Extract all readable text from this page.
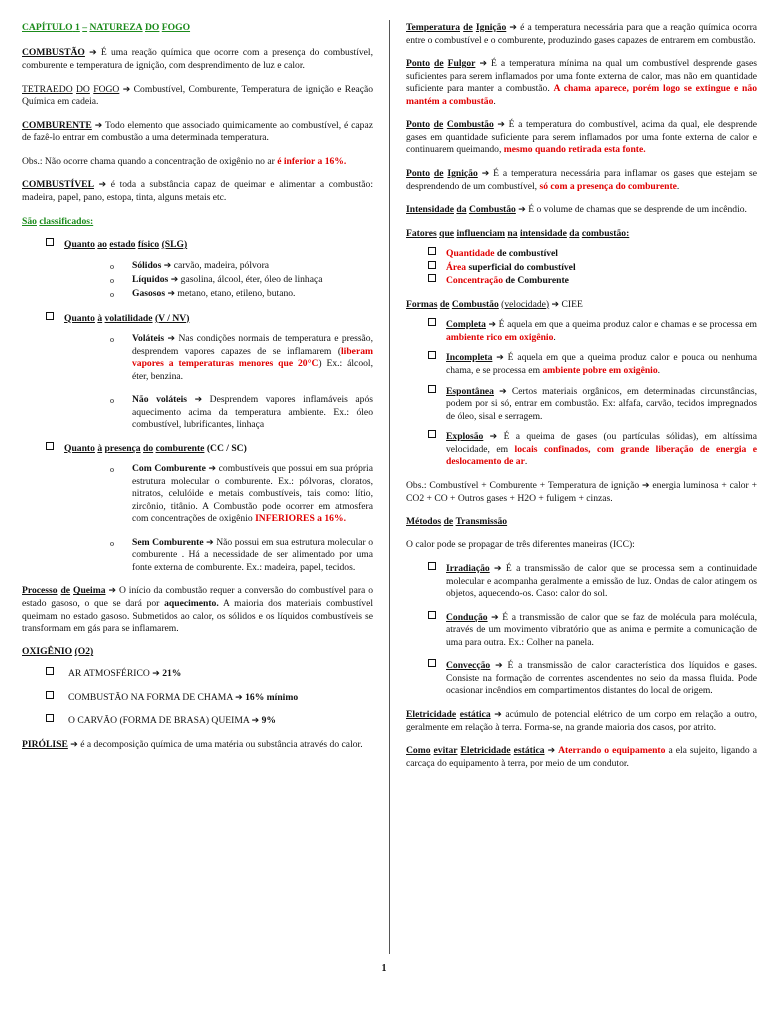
CAPÍTULO 1 – NATUREZA DO FOGO

COMBUSTÃO ➔ É uma reação química que ocorre com a presença do combustível, comburente e temperatura de ignição, com desprendimento de luz e calor.

TETRAEDO DO FOGO ➔ Combustível, Comburente, Temperatura de ignição e Reação Química em cadeia.

COMBURENTE ➔ Todo elemento que associado quimicamente ao combustível, é capaz de fazê-lo entrar em combustão a uma determinada temperatura.

Obs.: Não ocorre chama quando a concentração de oxigênio no ar é inferior a 16%.

COMBUSTÍVEL ➔ é toda a substância capaz de queimar e alimentar a combustão: madeira, papel, pano, estopa, tinta, alguns metais etc.

São classificados:

Quanto ao estado físico (SLG)
o	Sólidos ➔ carvão, madeira, pólvora
o	Líquidos ➔ gasolina, álcool, éter, óleo de linhaça
o	Gasosos ➔ metano, etano, etileno, butano.
Quanto à volatilidade (V / NV)
o	Voláteis ➔ Nas condições normais de temperatura e pressão, desprendem vapores capazes de se inflamarem (liberam vapores a temperaturas menores que 20°C) Ex.: álcool, éter, benzina.
o	Não voláteis ➔ Desprendem vapores inflamáveis após aquecimento acima da temperatura ambiente. Ex.: óleo combustível, lubrificantes, linhaça
Quanto à presença do comburente (CC / SC)
o	Com Comburente ➔ combustíveis que possui em sua própria estrutura molecular o comburente. Ex.: pólvoras, cloratos, nitratos, celulóide e metais combustíveis, tais como: lítio, zircônio, titânio. A Combustão pode ocorrer em atmosfera com concentrações de oxigênio INFERIORES a 16%.
o	Sem Comburente ➔ Não possui em sua estrutura molecular o comburente . Há a necessidade de ser alimentado por uma fonte externa de comburente. Ex.: madeira, papel, tecidos.

Processo de Queima ➔ O início da combustão requer a conversão do combustível para o estado gasoso, o que se dará por aquecimento. A maioria dos materiais combustível queimam no estado gasoso. Submetidos ao calor, os sólidos e os líquidos combustíveis se transformam em gás para se inflamarem.

OXIGÊNIO (O2)

AR ATMOSFÉRICO ➔ 21%
COMBUSTÃO NA FORMA DE CHAMA ➔ 16% mínimo
O CARVÃO (FORMA DE BRASA) QUEIMA ➔ 9%

PIRÓLISE ➔ é a decomposição química de uma matéria ou substância através do calor.

Temperatura de Ignição ➔ é a temperatura necessária para que a reação química ocorra entre o combustível e o comburente, produzindo gases capazes de entrarem em combustão.

Ponto de Fulgor ➔ É a temperatura mínima na qual um combustível desprende gases suficientes para serem inflamados por uma fonte externa de calor, mas não em quantidade suficiente para manter a combustão. A chama aparece, porém logo se extingue e não mantém a combustão.

Ponto de Combustão ➔ É a temperatura do combustível, acima da qual, ele desprende gases em quantidade suficiente para serem inflamados por uma fonte externa de calor e continuarem queimando, mesmo quando retirada esta fonte.

Ponto de Ignição ➔ É a temperatura necessária para inflamar os gases que estejam se desprendendo de um combustível, só com a presença do comburente.

Intensidade da Combustão ➔ É o volume de chamas que se desprende de um incêndio.

Fatores que influenciam na intensidade da combustão:

Quantidade de combustível
Área superficial do combustível
Concentração de Comburente

Formas de Combustão (velocidade) ➔ CIEE

Completa ➔ É aquela em que a queima produz calor e chamas e se processa em ambiente rico em oxigênio.
Incompleta ➔ É aquela em que a queima produz calor e pouca ou nenhuma chama, e se processa em ambiente pobre em oxigênio.
Espontânea ➔ Certos materiais orgânicos, em determinadas circunstâncias, podem por si só, entrar em combustão. Ex: alfafa, carvão, tecidos impregnados de óleo, sisal e serragem.
Explosão ➔ É a queima de gases (ou partículas sólidas), em altíssima velocidade, em locais confinados, com grande liberação de energia e deslocamento de ar.

Obs.: Combustível + Comburente + Temperatura de ignição ➔ energia luminosa + calor + CO2 + CO + Outros gases + H2O + fuligem + cinzas.

Métodos de Transmissão

O calor pode se propagar de três diferentes maneiras (ICC):

Irradiação ➔ É a transmissão de calor que se processa sem a continuidade molecular e acompanha geralmente a emissão de luz. Ondas de calor atingem os objetos, aquecendo-os. Caso: calor do sol.
Condução ➔ É a transmissão de calor que se faz de molécula para molécula, através de um movimento vibratório que as anima e permite a comunicação de uma para outra. Ex.: Colher na panela.
Convecção ➔ É a transmissão de calor característica dos líquidos e gases. Consiste na formação de correntes ascendentes no seio da massa fluida. Pode ocasionar incêndios em compartimentos distantes do local de origem.

Eletricidade estática ➔ acúmulo de potencial elétrico de um corpo em relação a outro, geralmente em relação à terra. Forma-se, na grande maioria dos casos, por atrito.

Como evitar Eletricidade estática ➔ Aterrando o equipamento a ela sujeito, ligando a carcaça do equipamento à terra, por meio de um condutor.

1
